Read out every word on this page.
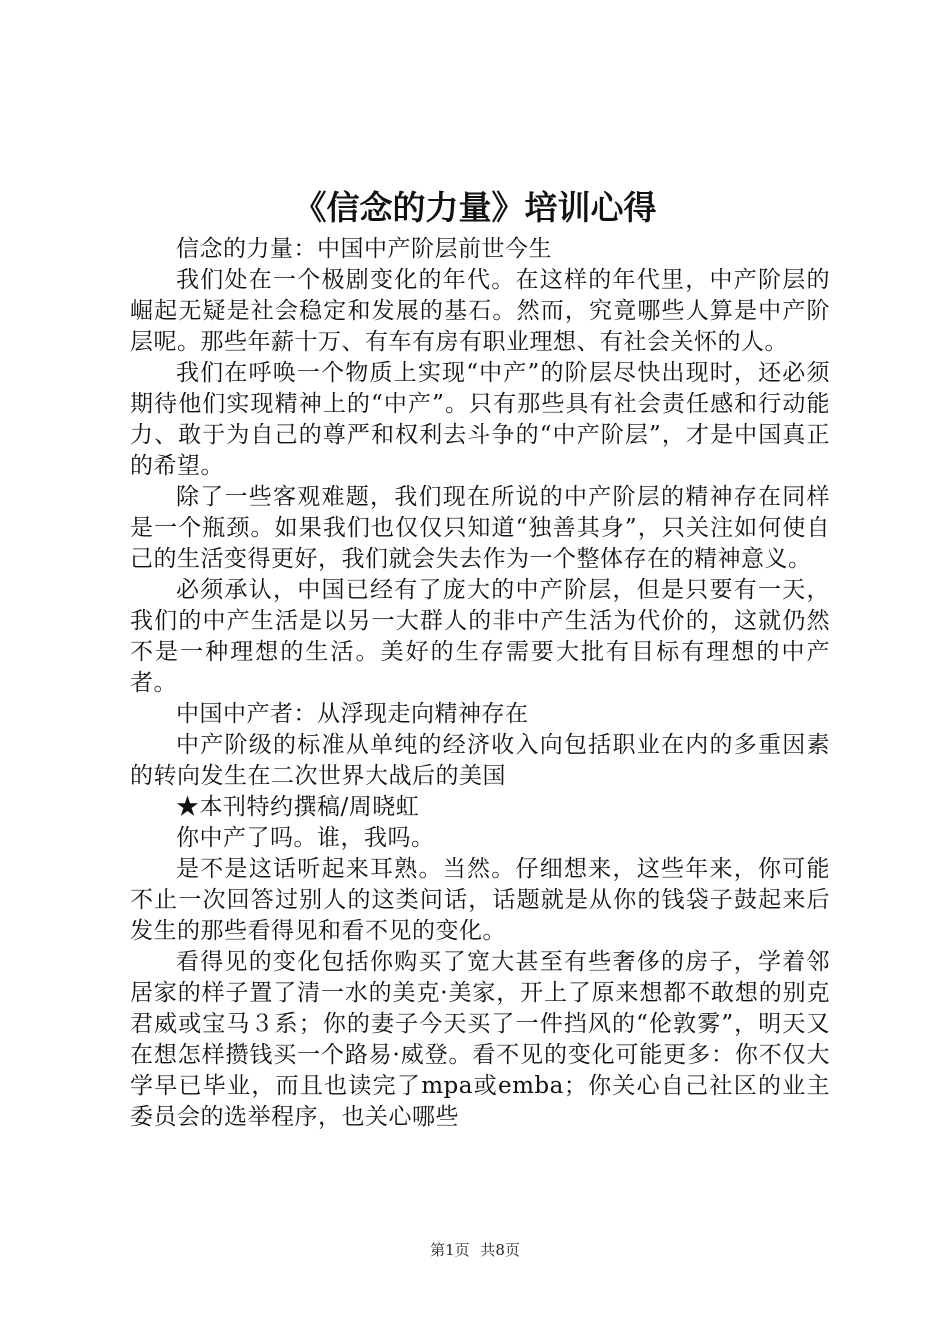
《信念的力量》培训心得

信念的力量：中国中产阶层前世今生

我们处在一个极剧变化的年代。在这样的年代里，中产阶层的崛起无疑是社会稳定和发展的基石。然而，究竟哪些人算是中产阶层呢。那些年薪十万、有车有房有职业理想、有社会关怀的人。

我们在呼唤一个物质上实现“中产”的阶层尽快出现时，还必须期待他们实现精神上的“中产”。只有那些具有社会责任感和行动能力、敢于为自己的尊严和权利去斗争的“中产阶层”，才是中国真正的希望。

除了一些客观难题，我们现在所说的中产阶层的精神存在同样是一个瓶颈。如果我们也仅仅只知道“独善其身”，只关注如何使自己的生活变得更好，我们就会失去作为一个整体存在的精神意义。

必须承认，中国已经有了庞大的中产阶层，但是只要有一天，我们的中产生活是以另一大群人的非中产生活为代价的，这就仍然不是一种理想的生活。美好的生存需要大批有目标有理想的中产者。

中国中产者：从浮现走向精神存在

中产阶级的标准从单纯的经济收入向包括职业在内的多重因素的转向发生在二次世界大战后的美国

★本刊特约撰稿/周晓虹

你中产了吗。谁，我吗。

是不是这话听起来耳熟。当然。仔细想来，这些年来，你可能不止一次回答过别人的这类问话，话题就是从你的钱袋子鼓起来后发生的那些看得见和看不见的变化。

看得见的变化包括你购买了宽大甚至有些奢侈的房子，学着邻居家的样子置了清一水的美克·美家，开上了原来想都不敢想的别克君威或宝马３系；你的妻子今天买了一件挡风的“伦敦雾”，明天又在想怎样攒钱买一个路易·威登。看不见的变化可能更多：你不仅大学早已毕业，而且也读完了mpa或emba；你关心自己社区的业主委员会的选举程序，也关心哪些

第1页 共8页
